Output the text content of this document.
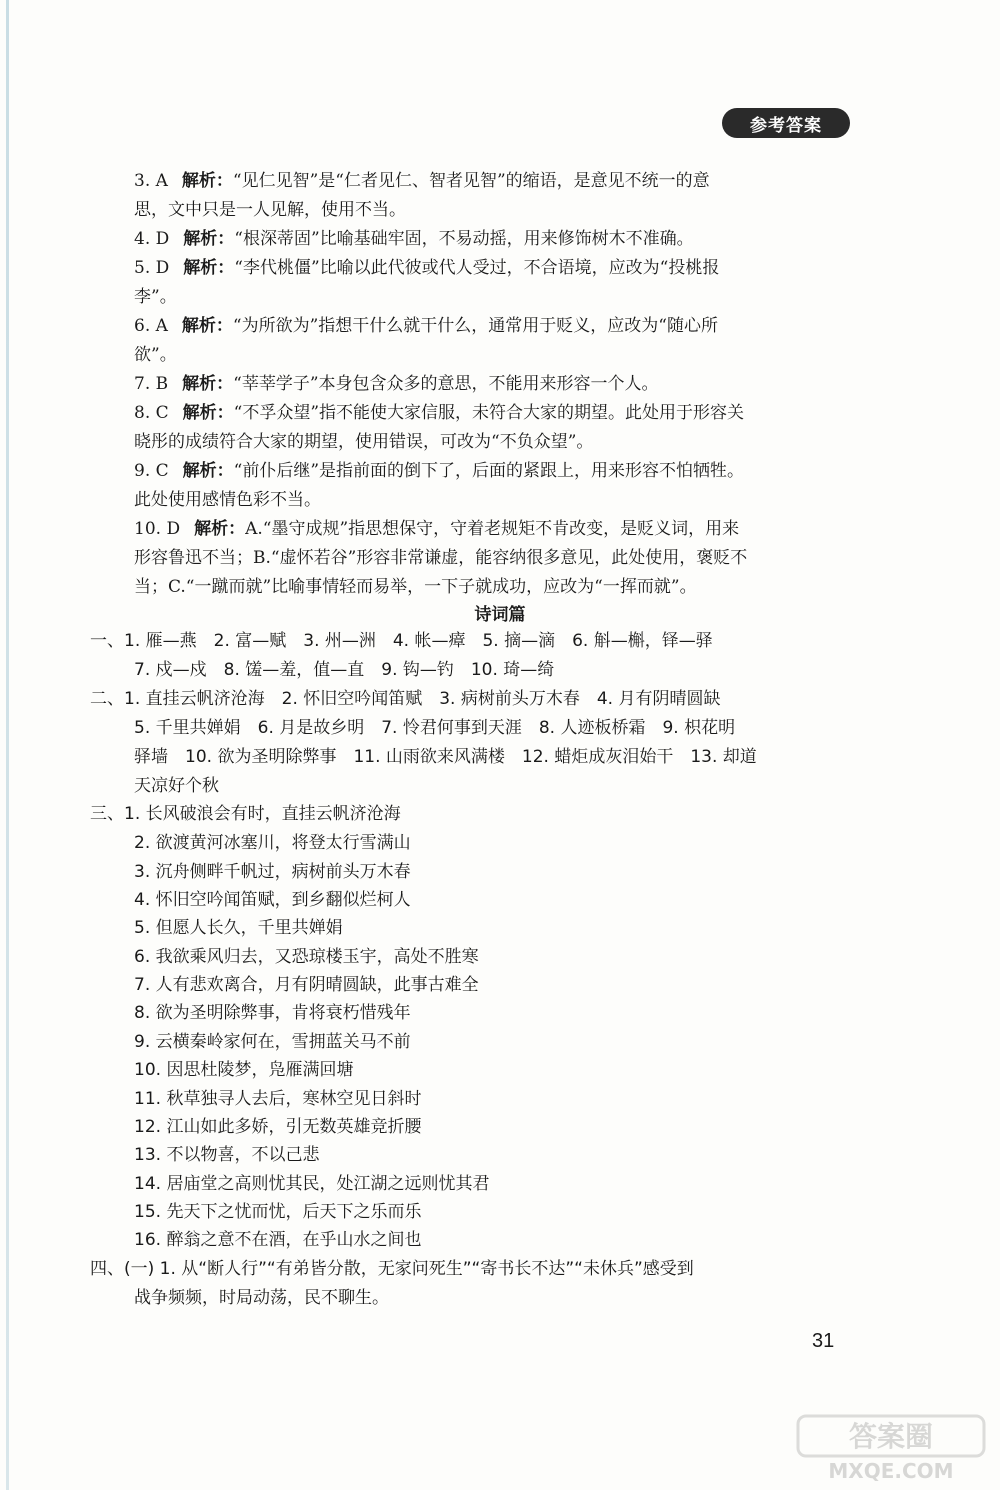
参考答案
3. A 解析：“见仁见智”是“仁者见仁、智者见智”的缩语，是意见不统一的意
思，文中只是一人见解，使用不当。
4. D 解析：“根深蒂固”比喻基础牢固，不易动摇，用来修饰树木不准确。
5. D 解析：“李代桃僵”比喻以此代彼或代人受过，不合语境，应改为“投桃报
李”。
6. A 解析：“为所欲为”指想干什么就干什么，通常用于贬义，应改为“随心所
欲”。
7. B 解析：“莘莘学子”本身包含众多的意思，不能用来形容一个人。
8. C 解析：“不孚众望”指不能使大家信服，未符合大家的期望。此处用于形容关
晓彤的成绩符合大家的期望，使用错误，可改为“不负众望”。
9. C 解析：“前仆后继”是指前面的倒下了，后面的紧跟上，用来形容不怕牺牲。
此处使用感情色彩不当。
10. D 解析：A.“墨守成规”指思想保守，守着老规矩不肯改变，是贬义词，用来
形容鲁迅不当；B.“虚怀若谷”形容非常谦虚，能容纳很多意见，此处使用，褒贬不
当；C.“一蹴而就”比喻事情轻而易举，一下子就成功，应改为“一挥而就”。
诗词篇
一、1. 雁—燕　2. 富—赋　3. 州—洲　4. 帐—瘴　5. 摘—滴　6. 斛—槲，铎—驿
7. 戍—戍　8. 馐—羞，值—直　9. 钩—钓　10. 琦—绮
二、1. 直挂云帆济沧海　2. 怀旧空吟闻笛赋　3. 病树前头万木春　4. 月有阴晴圆缺
5. 千里共婵娟　6. 月是故乡明　7. 怜君何事到天涯　8. 人迹板桥霜　9. 枳花明
驿墙　10. 欲为圣明除弊事　11. 山雨欲来风满楼　12. 蜡炬成灰泪始干　13. 却道
天凉好个秋
三、1. 长风破浪会有时，直挂云帆济沧海
2. 欲渡黄河冰塞川，将登太行雪满山
3. 沉舟侧畔千帆过，病树前头万木春
4. 怀旧空吟闻笛赋，到乡翻似烂柯人
5. 但愿人长久，千里共婵娟
6. 我欲乘风归去，又恐琼楼玉宇，高处不胜寒
7. 人有悲欢离合，月有阴晴圆缺，此事古难全
8. 欲为圣明除弊事，肯将衰朽惜残年
9. 云横秦岭家何在，雪拥蓝关马不前
10. 因思杜陵梦，凫雁满回塘
11. 秋草独寻人去后，寒林空见日斜时
12. 江山如此多娇，引无数英雄竞折腰
13. 不以物喜，不以己悲
14. 居庙堂之高则忧其民，处江湖之远则忧其君
15. 先天下之忧而忧，后天下之乐而乐
16. 醉翁之意不在酒，在乎山水之间也
四、(一) 1. 从“断人行”“有弟皆分散，无家问死生”“寄书长不达”“未休兵”感受到
战争频频，时局动荡，民不聊生。
31
答案圈
MXQE.COM
